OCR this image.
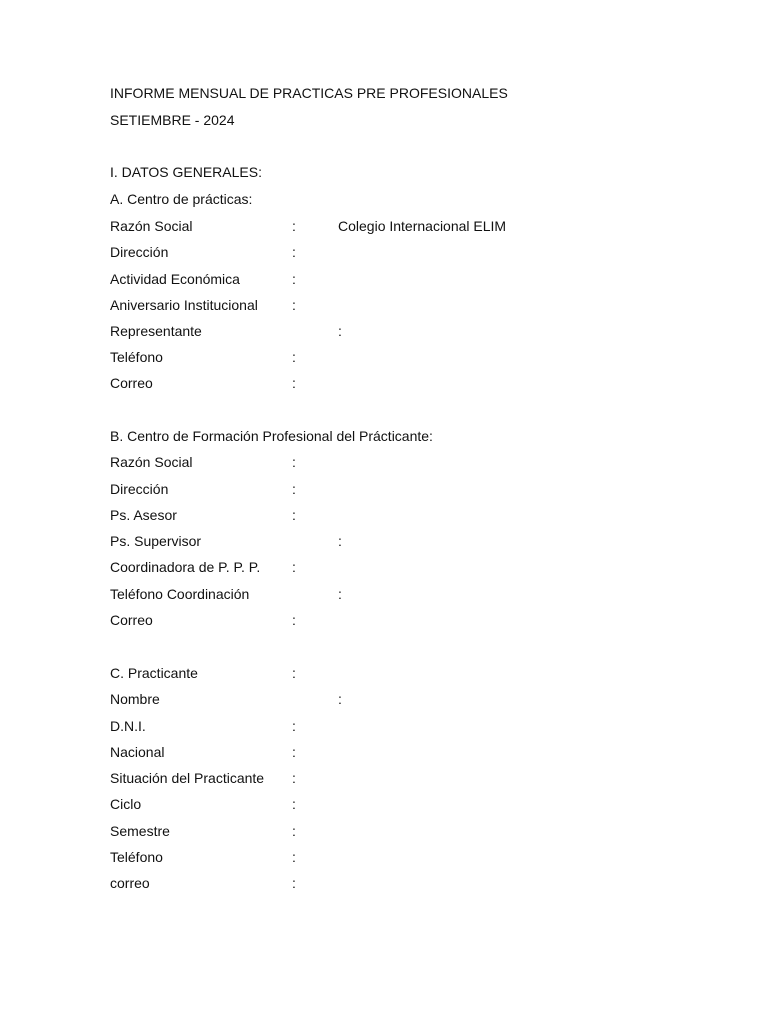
INFORME MENSUAL DE PRACTICAS PRE PROFESIONALES
SETIEMBRE - 2024
I. DATOS GENERALES:
A. Centro de prácticas:
Razón Social	:	Colegio Internacional ELIM
Dirección	:
Actividad Económica	:
Aniversario Institucional :
Representante	:
Teléfono	:
Correo	:
B. Centro de Formación Profesional del Prácticante:
Razón Social	:
Dirección	:
Ps. Asesor	:
Ps. Supervisor	:
Coordinadora de P. P. P. :
Teléfono Coordinación	:
Correo	:
C. Practicante	:
Nombre	:
D.N.I.	:
Nacional	:
Situación del Practicante :
Ciclo	:
Semestre	:
Teléfono	:
correo	:
